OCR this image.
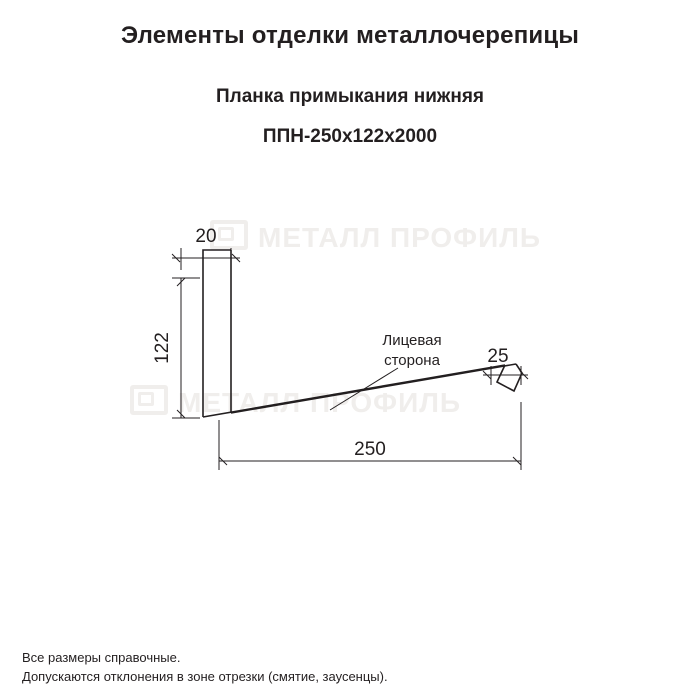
Элементы отделки металлочерепицы
Планка примыкания нижняя
ППН-250х122х2000
МЕТАЛЛ ПРОФИЛЬ
МЕТАЛЛ ПРОФИЛЬ
20
122
250
25
Лицевая
сторона
Все размеры справочные.
Допускаются отклонения в зоне отрезки (смятие, заусенцы).
